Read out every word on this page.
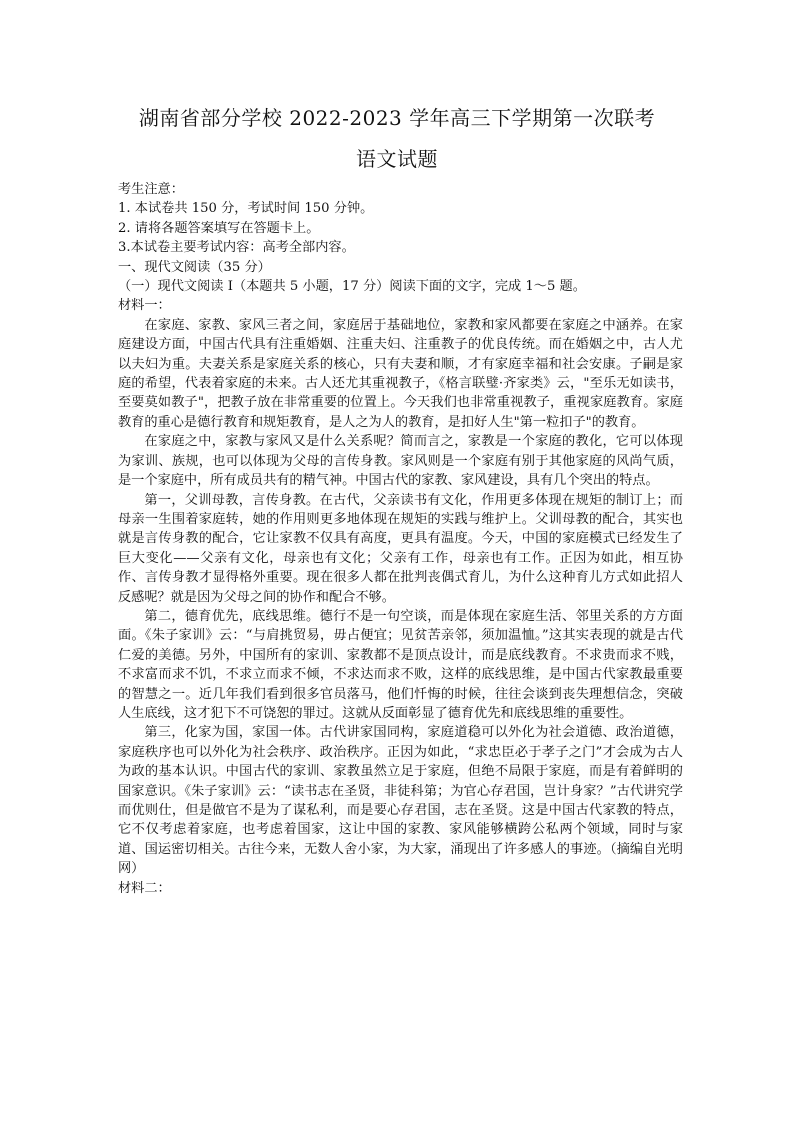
湖南省部分学校 2022-2023 学年高三下学期第一次联考
语文试题

考生注意：

1. 本试卷共 150 分，考试时间 150 分钟。

2. 请将各题答案填写在答题卡上。

3.本试卷主要考试内容：高考全部内容。

一、现代文阅读（35 分）

（一）现代文阅读 I（本题共 5 小题，17 分）阅读下面的文字，完成 1～5 题。

材料一：

在家庭、家教、家风三者之间，家庭居于基础地位，家教和家风都要在家庭之中涵养。在家庭建设方面，中国古代具有注重婚姻、注重夫妇、注重教子的优良传统。而在婚姻之中，古人尤以夫妇为重。夫妻关系是家庭关系的核心，只有夫妻和顺，才有家庭幸福和社会安康。子嗣是家庭的希望，代表着家庭的未来。古人还尤其重视教子，《格言联璧·齐家类》云，"至乐无如读书，至要莫如教子"，把教子放在非常重要的位置上。今天我们也非常重视教子，重视家庭教育。家庭教育的重心是德行教育和规矩教育，是人之为人的教育，是扣好人生"第一粒扣子"的教育。

在家庭之中，家教与家风又是什么关系呢？简而言之，家教是一个家庭的教化，它可以体现为家训、族规，也可以体现为父母的言传身教。家风则是一个家庭有别于其他家庭的风尚气质，是一个家庭中，所有成员共有的精气神。中国古代的家教、家风建设，具有几个突出的特点。

第一，父训母教，言传身教。在古代，父亲读书有文化，作用更多体现在规矩的制订上；而母亲一生围着家庭转，她的作用则更多地体现在规矩的实践与维护上。父训母教的配合，其实也就是言传身教的配合，它让家教不仅具有高度，更具有温度。今天，中国的家庭模式已经发生了巨大变化——父亲有文化，母亲也有文化；父亲有工作，母亲也有工作。正因为如此，相互协作、言传身教才显得格外重要。现在很多人都在批判丧偶式育儿，为什么这种育儿方式如此招人反感呢？就是因为父母之间的协作和配合不够。

第二，德育优先，底线思维。德行不是一句空谈，而是体现在家庭生活、邻里关系的方方面面。《朱子家训》云：“与肩挑贸易，毋占便宜；见贫苦亲邻，须加温恤。”这其实表现的就是古代仁爱的美德。另外，中国所有的家训、家教都不是顶点设计，而是底线教育。不求贵而求不贱，不求富而求不饥，不求立而求不倾，不求达而求不败，这样的底线思维，是中国古代家教最重要的智慧之一。近几年我们看到很多官员落马，他们忏悔的时候，往往会谈到丧失理想信念，突破人生底线，这才犯下不可饶恕的罪过。这就从反面彰显了德育优先和底线思维的重要性。

第三，化家为国，家国一体。古代讲家国同构，家庭道稳可以外化为社会道德、政治道德，家庭秩序也可以外化为社会秩序、政治秩序。正因为如此，“求忠臣必于孝子之门”才会成为古人为政的基本认识。中国古代的家训、家教虽然立足于家庭，但绝不局限于家庭，而是有着鲜明的国家意识。《朱子家训》云：“读书志在圣贤，非徒科第；为官心存君国，岂计身家？”古代讲究学而优则仕，但是做官不是为了谋私利，而是要心存君国，志在圣贤。这是中国古代家教的特点，它不仅考虑着家庭，也考虑着国家，这让中国的家教、家风能够横跨公私两个领域，同时与家道、国运密切相关。古往今来，无数人舍小家，为大家，涌现出了许多感人的事迹。（摘编自光明网）

材料二：
